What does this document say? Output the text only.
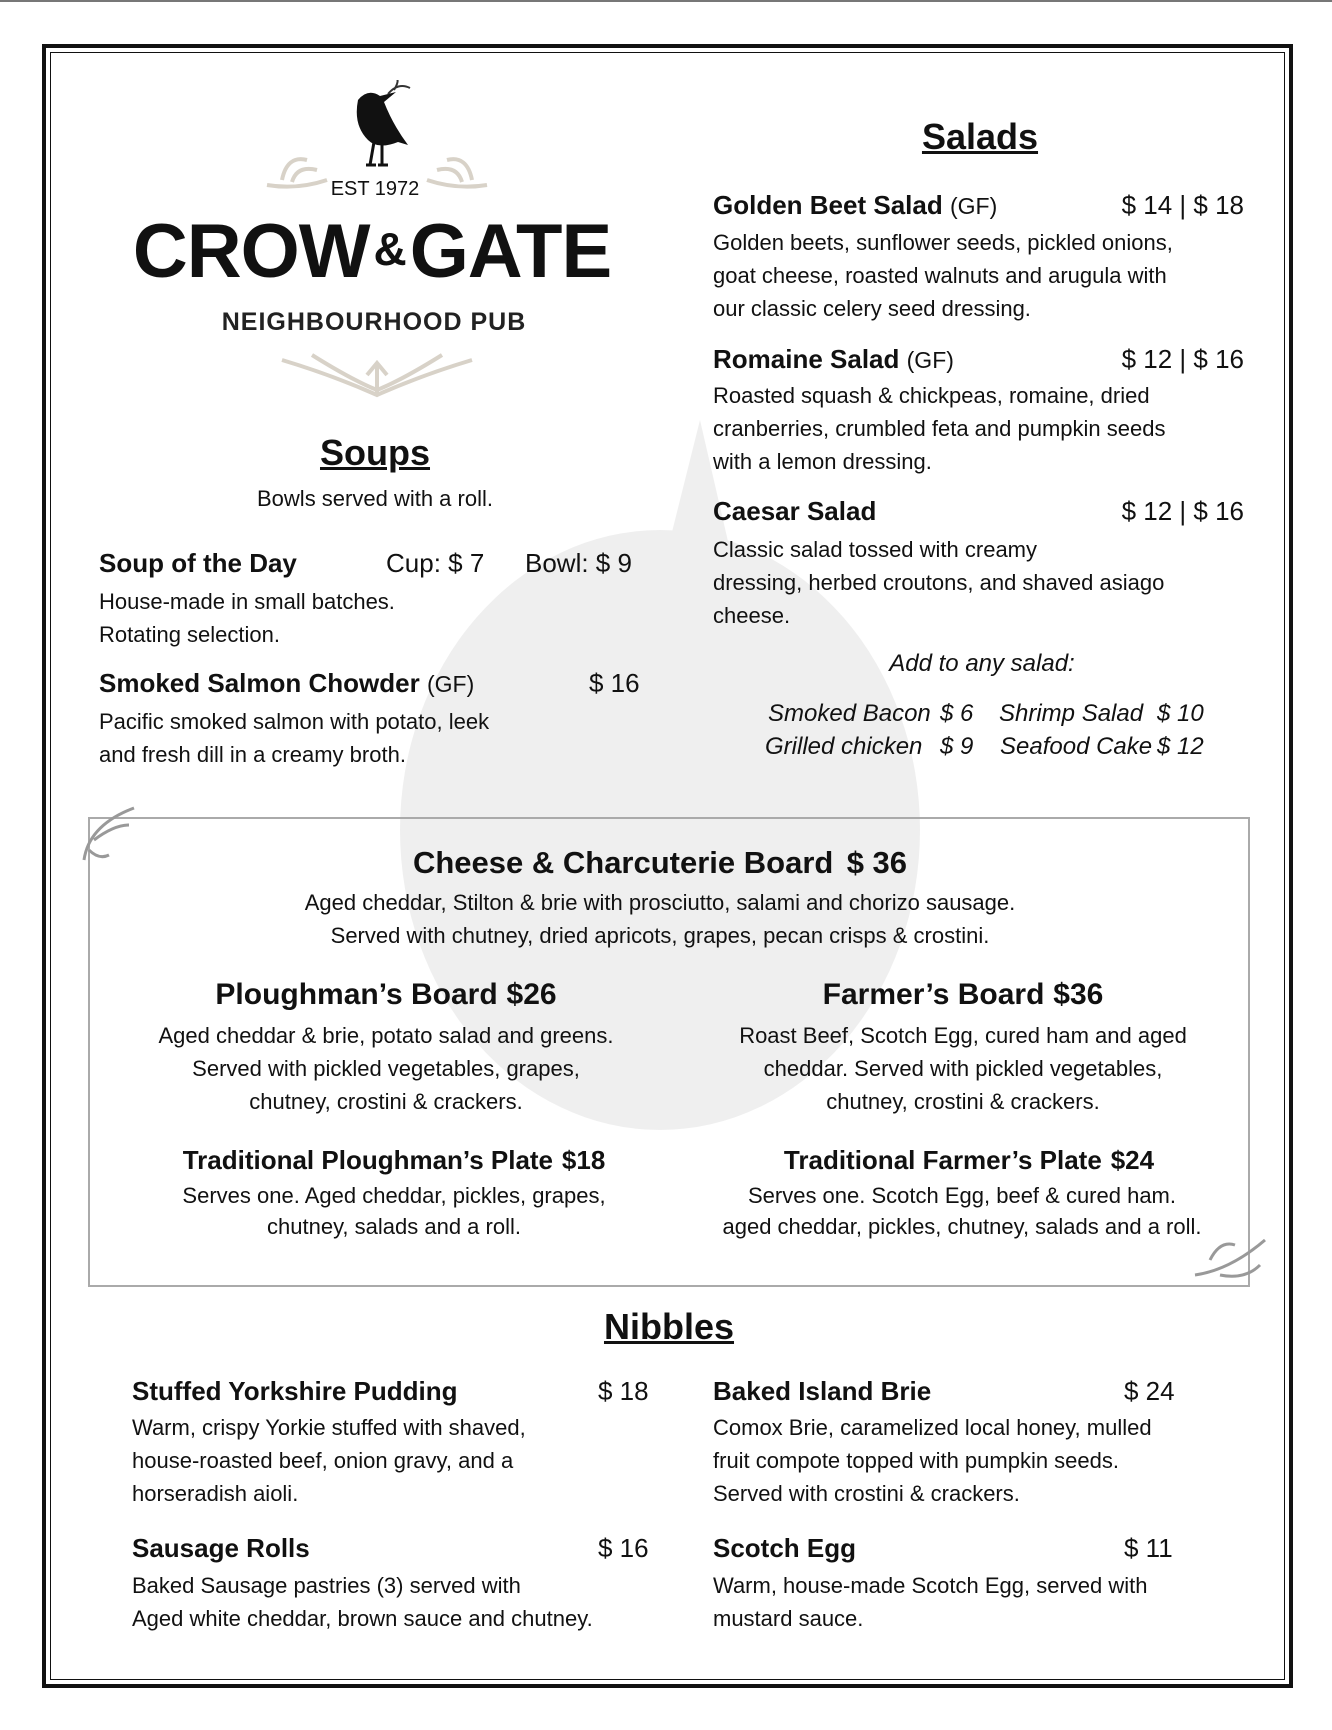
EST 1972
CROW&GATE
NEIGHBOURHOOD PUB
Soups
Bowls served with a roll.
Soup of the Day	Cup: $ 7 Bowl: $ 9
House-made in small batches.
Rotating selection.
Smoked Salmon Chowder (GF)	$ 16
Pacific smoked salmon with potato, leek
and fresh dill in a creamy broth.
Salads
Golden Beet Salad (GF)	$ 14 | $ 18
Golden beets, sunflower seeds, pickled onions,
goat cheese, roasted walnuts and arugula with
our classic celery seed dressing.
Romaine Salad (GF)	$ 12 | $ 16
Roasted squash & chickpeas, romaine, dried
cranberries, crumbled feta and pumpkin seeds
with a lemon dressing.
Caesar Salad	$ 12 | $ 16
Classic salad tossed with creamy
dressing, herbed croutons, and shaved asiago
cheese.
Add to any salad:
Smoked Bacon $ 6 Shrimp Salad $ 10
Grilled chicken $ 9 Seafood Cake $ 12
Cheese & Charcuterie Board $ 36
Aged cheddar, Stilton & brie with prosciutto, salami and chorizo sausage.
Served with chutney, dried apricots, grapes, pecan crisps & crostini.
Ploughman’s Board $26
Aged cheddar & brie, potato salad and greens.
Served with pickled vegetables, grapes,
chutney, crostini & crackers.
Farmer’s Board $36
Roast Beef, Scotch Egg, cured ham and aged
cheddar. Served with pickled vegetables,
chutney, crostini & crackers.
Traditional Ploughman’s Plate $18
Serves one. Aged cheddar, pickles, grapes,
chutney, salads and a roll.
Traditional Farmer’s Plate $24
Serves one. Scotch Egg, beef & cured ham.
aged cheddar, pickles, chutney, salads and a roll.
Nibbles
Stuffed Yorkshire Pudding	$ 18
Warm, crispy Yorkie stuffed with shaved,
house-roasted beef, onion gravy, and a
horseradish aioli.
Baked Island Brie	$ 24
Comox Brie, caramelized local honey, mulled
fruit compote topped with pumpkin seeds.
Served with crostini & crackers.
Sausage Rolls	$ 16
Baked Sausage pastries (3) served with
Aged white cheddar, brown sauce and chutney.
Scotch Egg	$ 11
Warm, house-made Scotch Egg, served with
mustard sauce.
